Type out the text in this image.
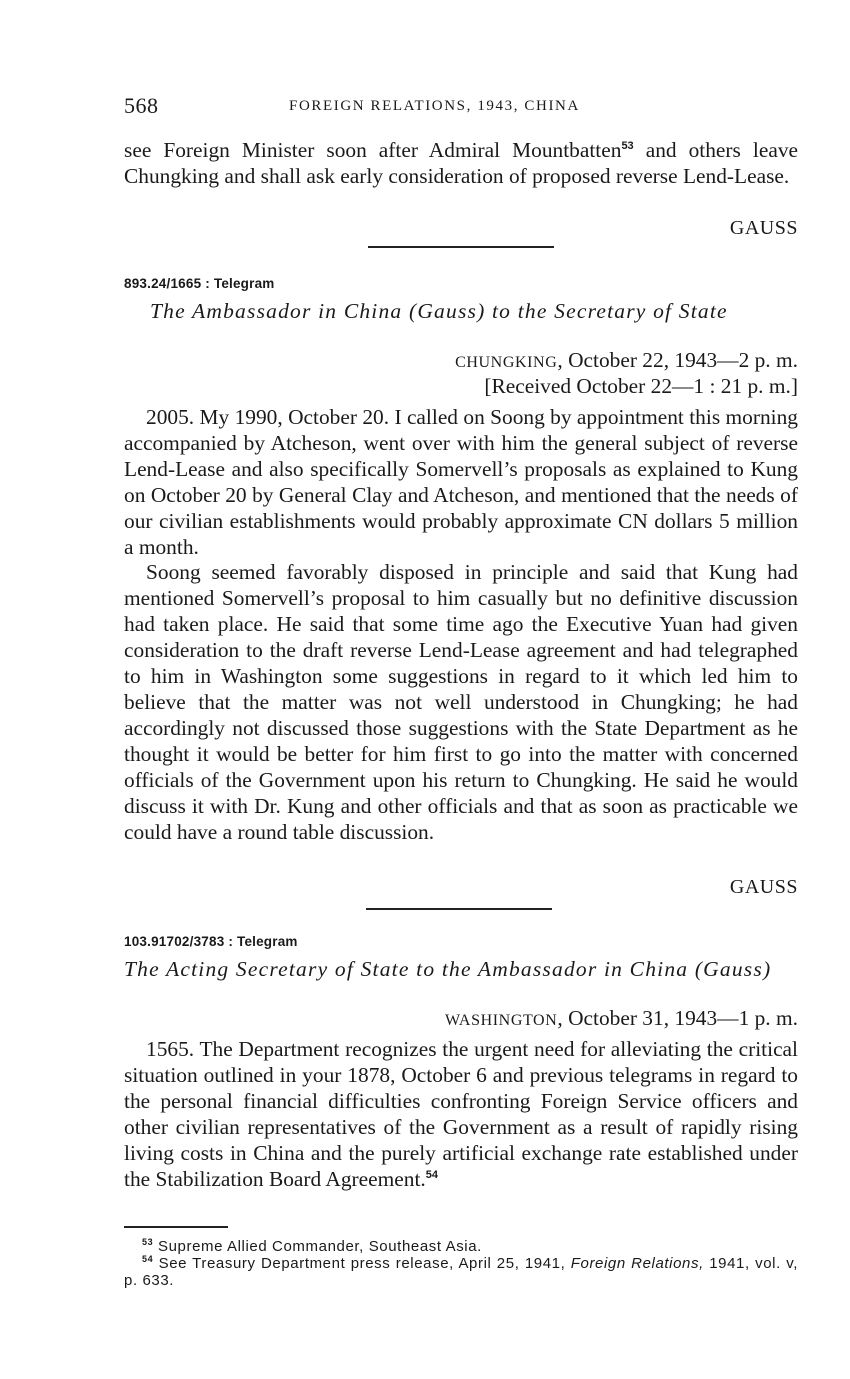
568	FOREIGN RELATIONS, 1943, CHINA

see Foreign Minister soon after Admiral Mountbatten$^{53}$ and others leave Chungking and shall ask early consideration of proposed reverse Lend-Lease.

GAUSS
893.24/1665 : Telegram
The Ambassador in China (Gauss) to the Secretary of State
CHUNGKING, October 22, 1943—2 p. m.
[Received October 22—1 : 21 p. m.]

2005. My 1990, October 20. I called on Soong by appointment this morning accompanied by Atcheson, went over with him the general subject of reverse Lend-Lease and also specifically Somervell’s proposals as explained to Kung on October 20 by General Clay and Atcheson, and mentioned that the needs of our civilian establishments would probably approximate CN dollars 5 million a month.

Soong seemed favorably disposed in principle and said that Kung had mentioned Somervell’s proposal to him casually but no definitive discussion had taken place. He said that some time ago the Executive Yuan had given consideration to the draft reverse Lend-Lease agreement and had telegraphed to him in Washington some suggestions in regard to it which led him to believe that the matter was not well understood in Chungking; he had accordingly not discussed those suggestions with the State Department as he thought it would be better for him first to go into the matter with concerned officials of the Government upon his return to Chungking. He said he would discuss it with Dr. Kung and other officials and that as soon as practicable we could have a round table discussion.

GAUSS
103.91702/3783 : Telegram
The Acting Secretary of State to the Ambassador in China (Gauss)
WASHINGTON, October 31, 1943—1 p. m.

1565. The Department recognizes the urgent need for alleviating the critical situation outlined in your 1878, October 6 and previous telegrams in regard to the personal financial difficulties confronting Foreign Service officers and other civilian representatives of the Government as a result of rapidly rising living costs in China and the purely artificial exchange rate established under the Stabilization Board Agreement.$^{54}$

$^{53}$ Supreme Allied Commander, Southeast Asia.

$^{54}$ See Treasury Department press release, April 25, 1941, Foreign Relations, 1941, vol. v, p. 633.
